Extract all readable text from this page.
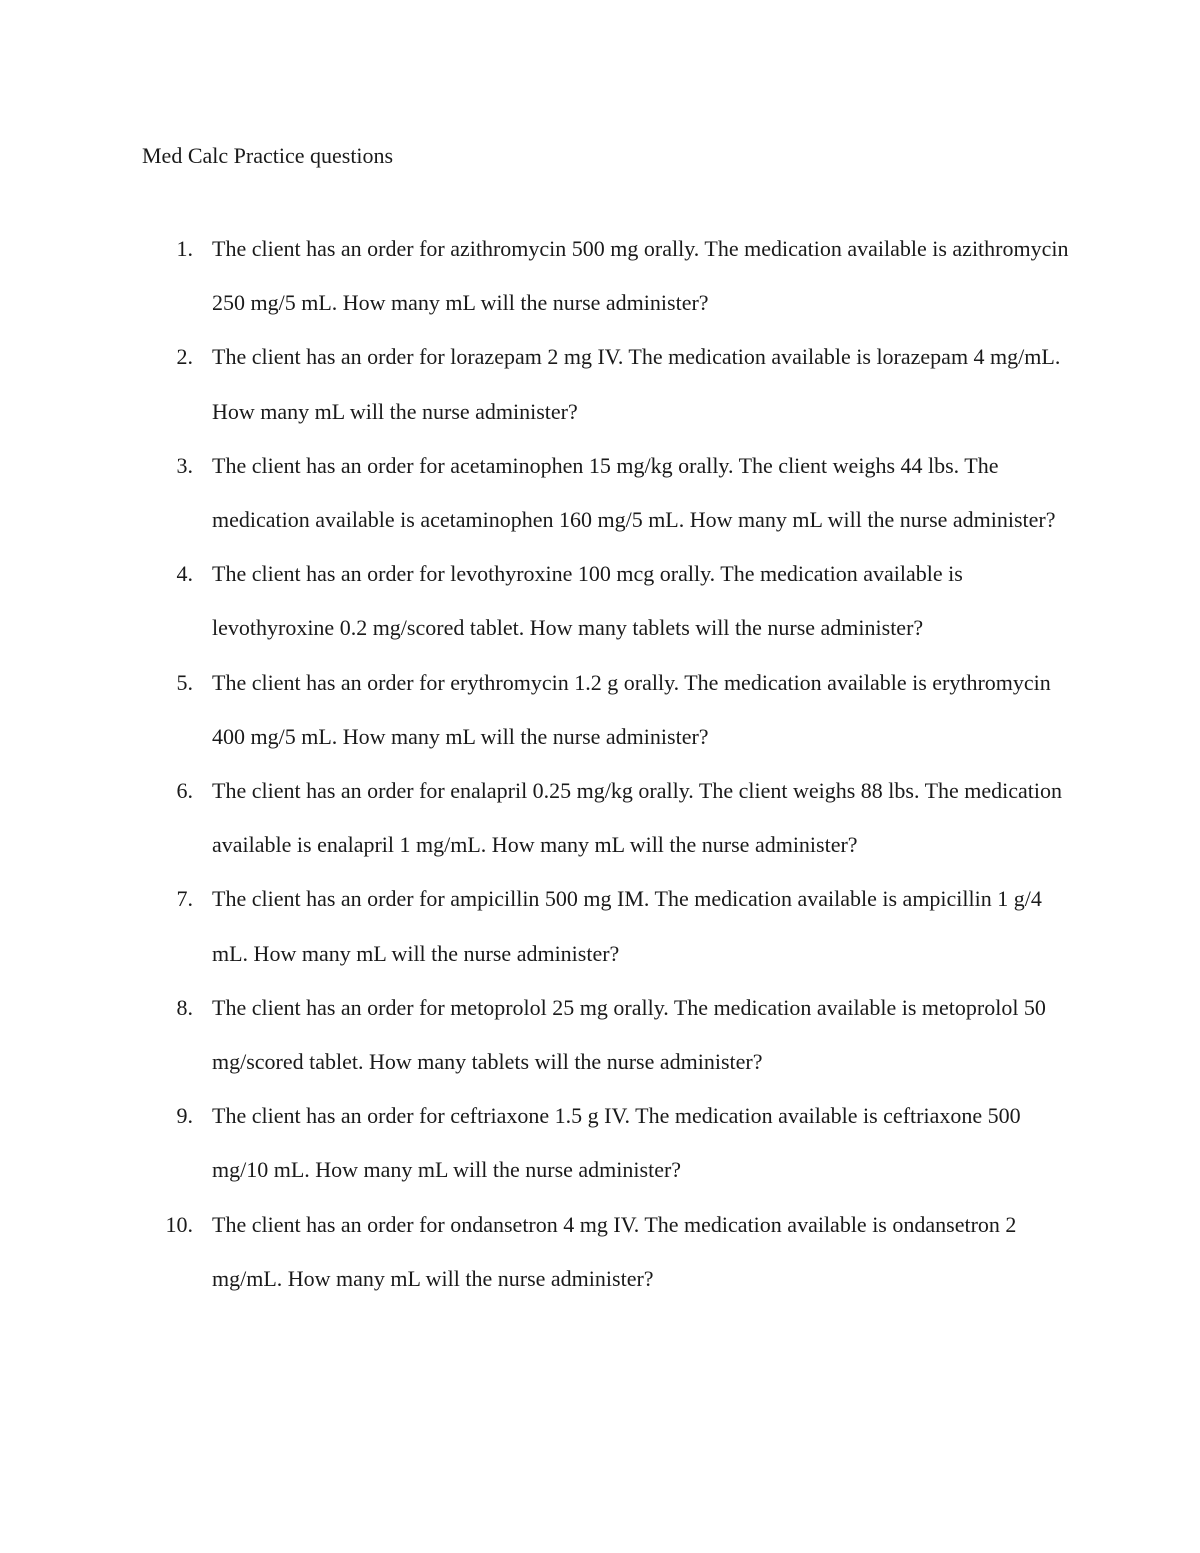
Med Calc Practice questions
1. The client has an order for azithromycin 500 mg orally. The medication available is azithromycin 250 mg/5 mL. How many mL will the nurse administer?
2. The client has an order for lorazepam 2 mg IV. The medication available is lorazepam 4 mg/mL. How many mL will the nurse administer?
3. The client has an order for acetaminophen 15 mg/kg orally. The client weighs 44 lbs. The medication available is acetaminophen 160 mg/5 mL. How many mL will the nurse administer?
4. The client has an order for levothyroxine 100 mcg orally. The medication available is levothyroxine 0.2 mg/scored tablet. How many tablets will the nurse administer?
5. The client has an order for erythromycin 1.2 g orally. The medication available is erythromycin 400 mg/5 mL. How many mL will the nurse administer?
6. The client has an order for enalapril 0.25 mg/kg orally. The client weighs 88 lbs. The medication available is enalapril 1 mg/mL. How many mL will the nurse administer?
7. The client has an order for ampicillin 500 mg IM. The medication available is ampicillin 1 g/4 mL. How many mL will the nurse administer?
8. The client has an order for metoprolol 25 mg orally. The medication available is metoprolol 50 mg/scored tablet. How many tablets will the nurse administer?
9. The client has an order for ceftriaxone 1.5 g IV. The medication available is ceftriaxone 500 mg/10 mL. How many mL will the nurse administer?
10. The client has an order for ondansetron 4 mg IV. The medication available is ondansetron 2 mg/mL. How many mL will the nurse administer?
